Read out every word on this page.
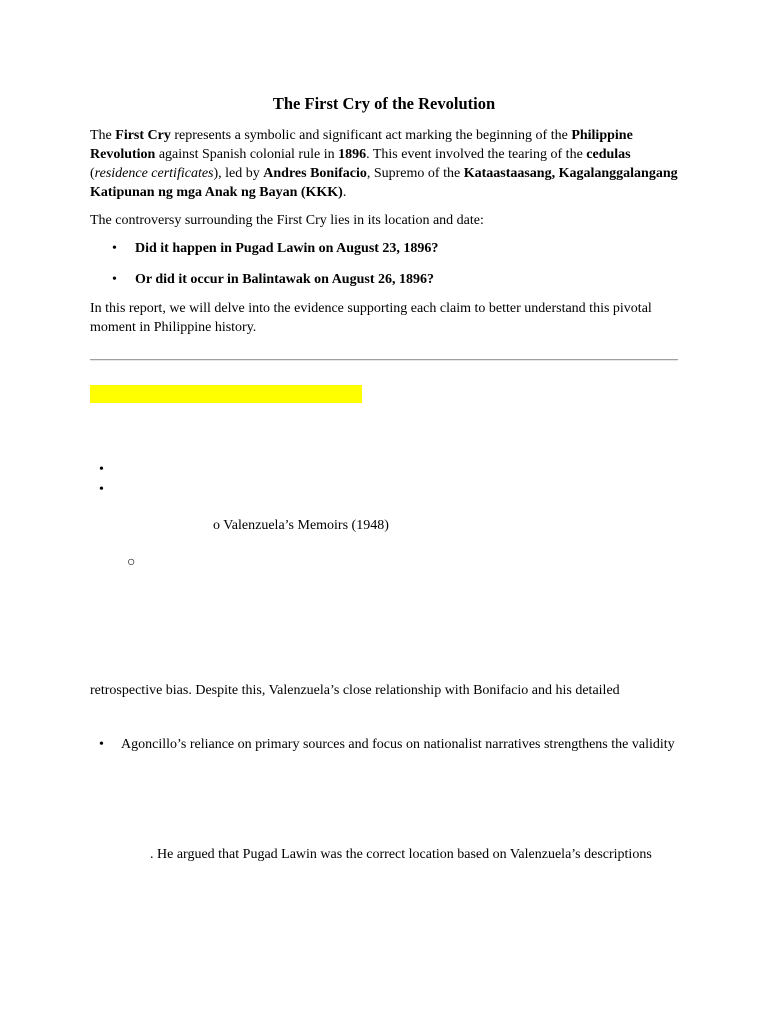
The First Cry of the Revolution
The First Cry represents a symbolic and significant act marking the beginning of the Philippine Revolution against Spanish colonial rule in 1896. This event involved the tearing of the cedulas (residence certificates), led by Andres Bonifacio, Supremo of the Kataastaasang, Kagalanggalangang Katipunan ng mga Anak ng Bayan (KKK).
The controversy surrounding the First Cry lies in its location and date:
• Did it happen in Pugad Lawin on August 23, 1896?
• Or did it occur in Balintawak on August 26, 1896?
In this report, we will delve into the evidence supporting each claim to better understand this pivotal moment in Philippine history.
•
•
o Valenzuela’s Memoirs (1948)
○
retrospective bias. Despite this, Valenzuela’s close relationship with Bonifacio and his detailed
• Agoncillo’s reliance on primary sources and focus on nationalist narratives strengthens the validity
. He argued that Pugad Lawin was the correct location based on Valenzuela’s descriptions
